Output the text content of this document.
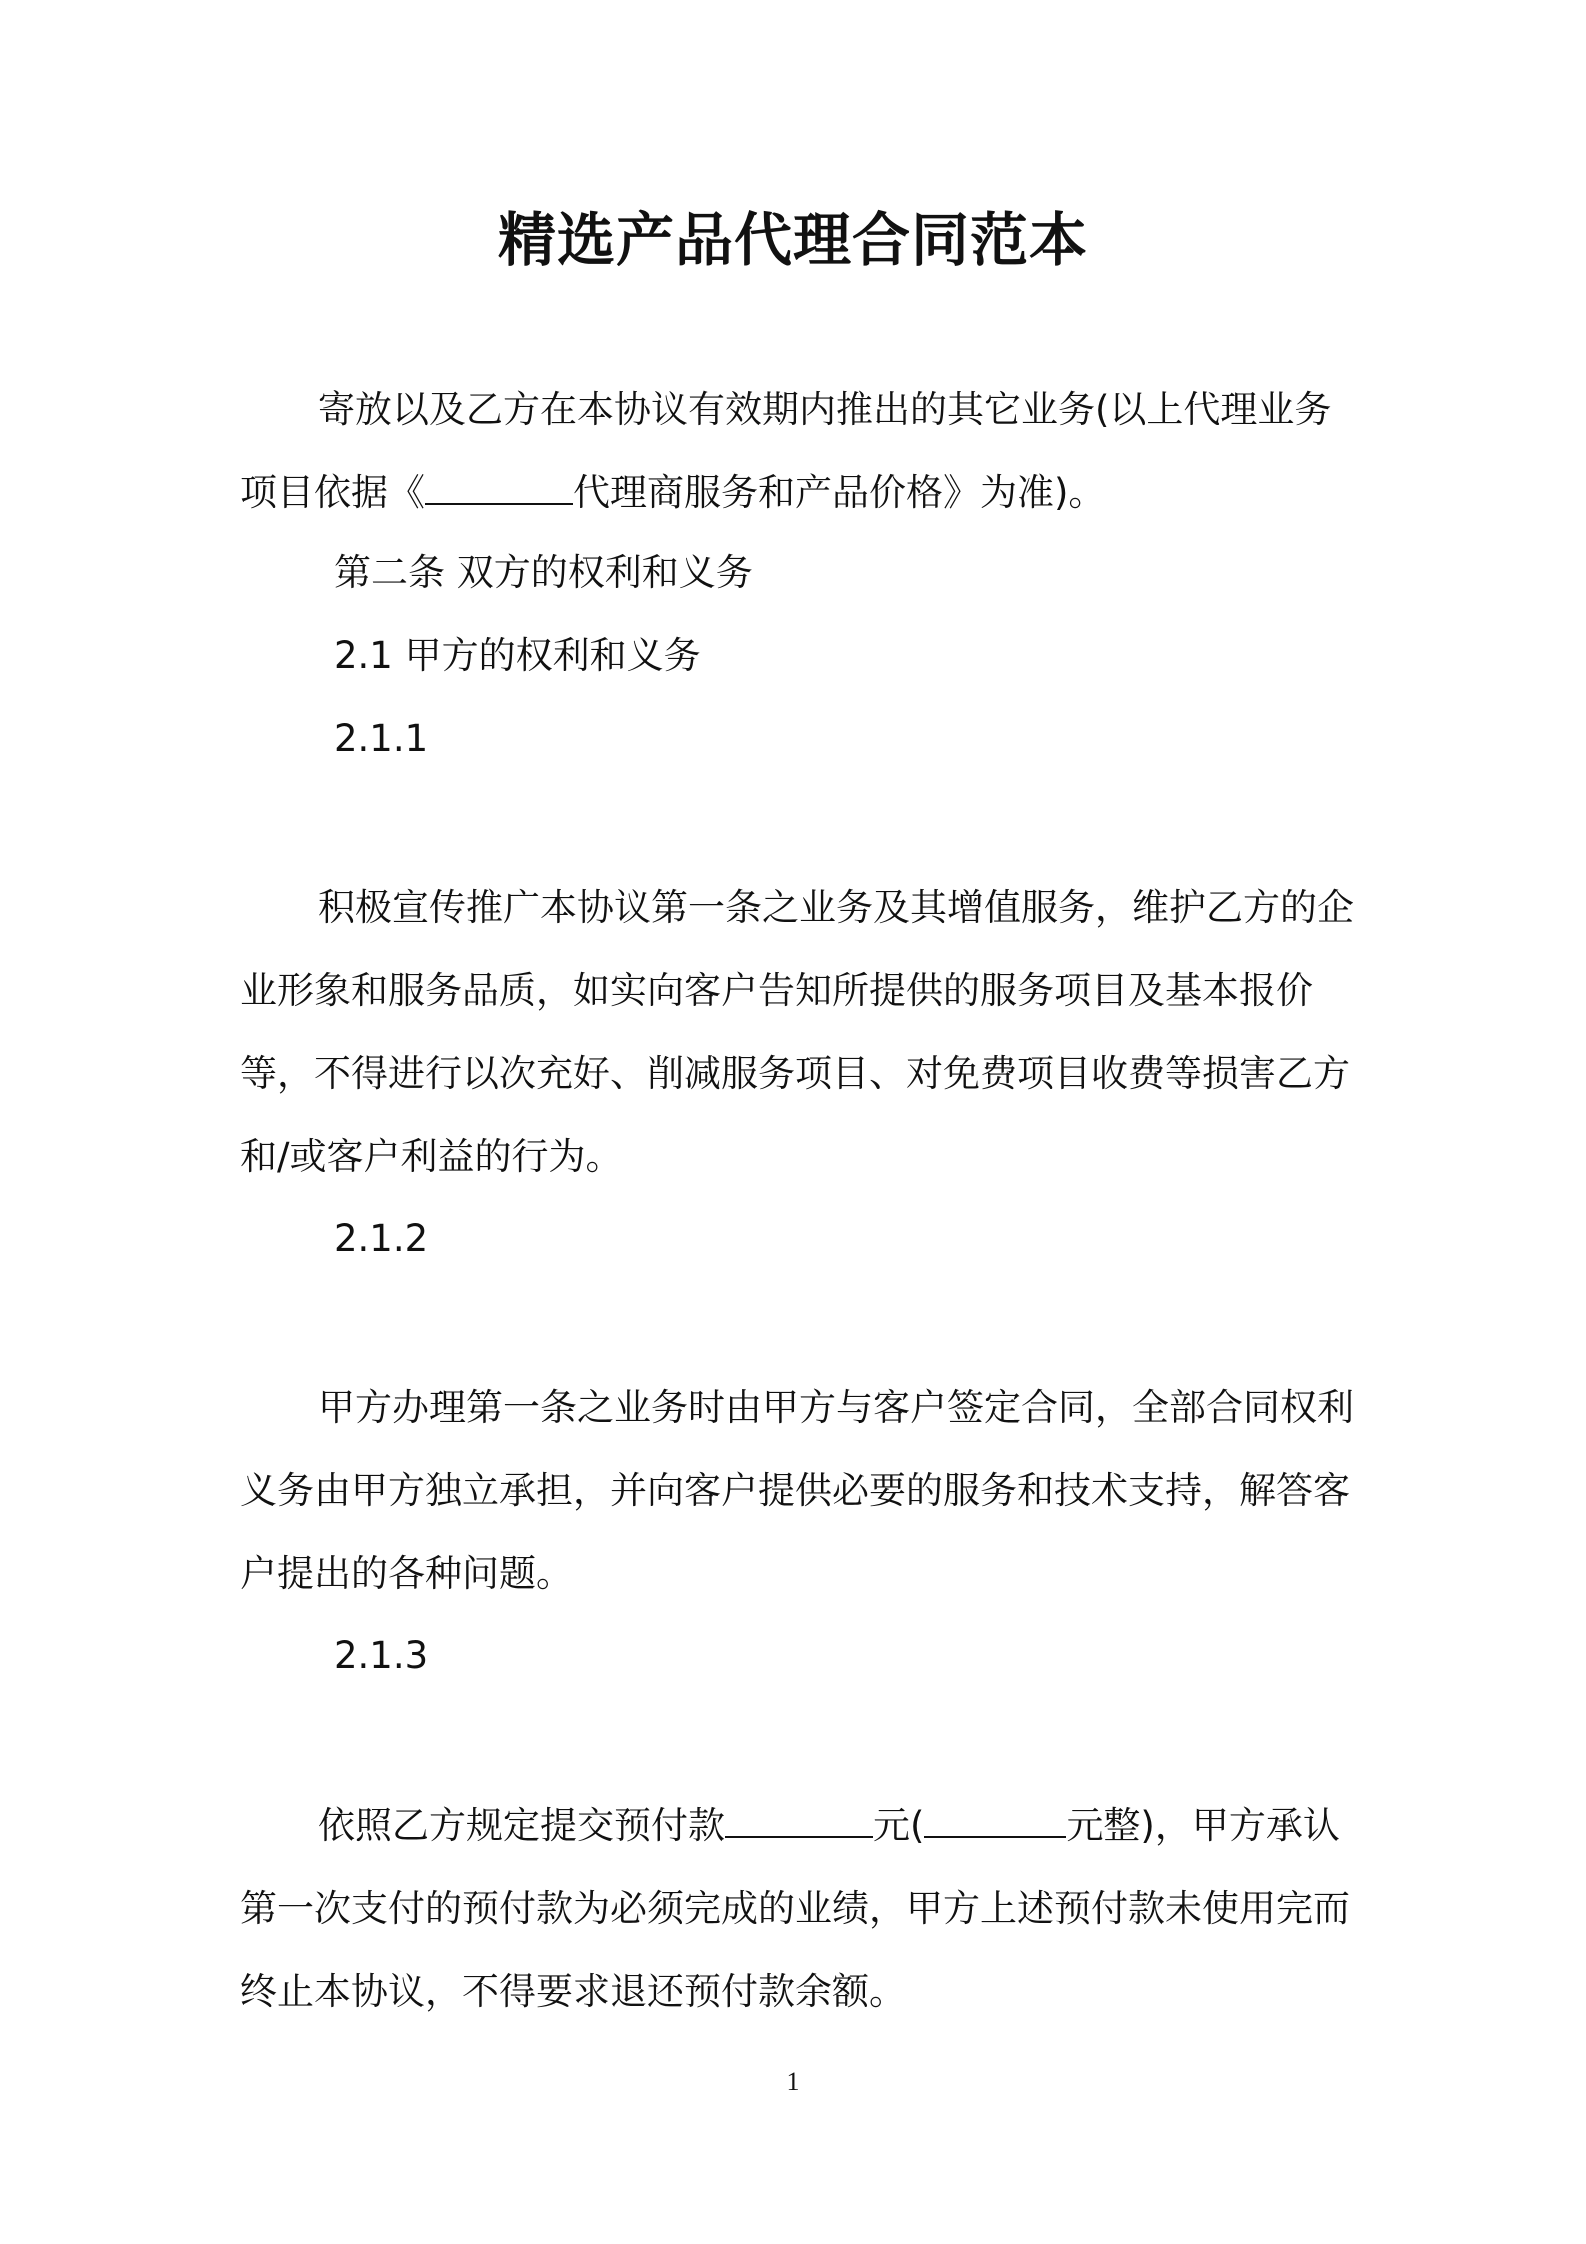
精选产品代理合同范本

寄放以及乙方在本协议有效期内推出的其它业务(以上代理业务项目依据《	代理商服务和产品价格》为准)。

第二条 双方的权利和义务

2.1 甲方的权利和义务

2.1.1

积极宣传推广本协议第一条之业务及其增值服务，维护乙方的企业形象和服务品质，如实向客户告知所提供的服务项目及基本报价等，不得进行以次充好、削减服务项目、对免费项目收费等损害乙方和/或客户利益的行为。

2.1.2

甲方办理第一条之业务时由甲方与客户签定合同，全部合同权利义务由甲方独立承担，并向客户提供必要的服务和技术支持，解答客户提出的各种问题。

2.1.3

依照乙方规定提交预付款	元(	元整)，甲方承认第一次支付的预付款为必须完成的业绩，甲方上述预付款未使用完而终止本协议，不得要求退还预付款余额。

1
